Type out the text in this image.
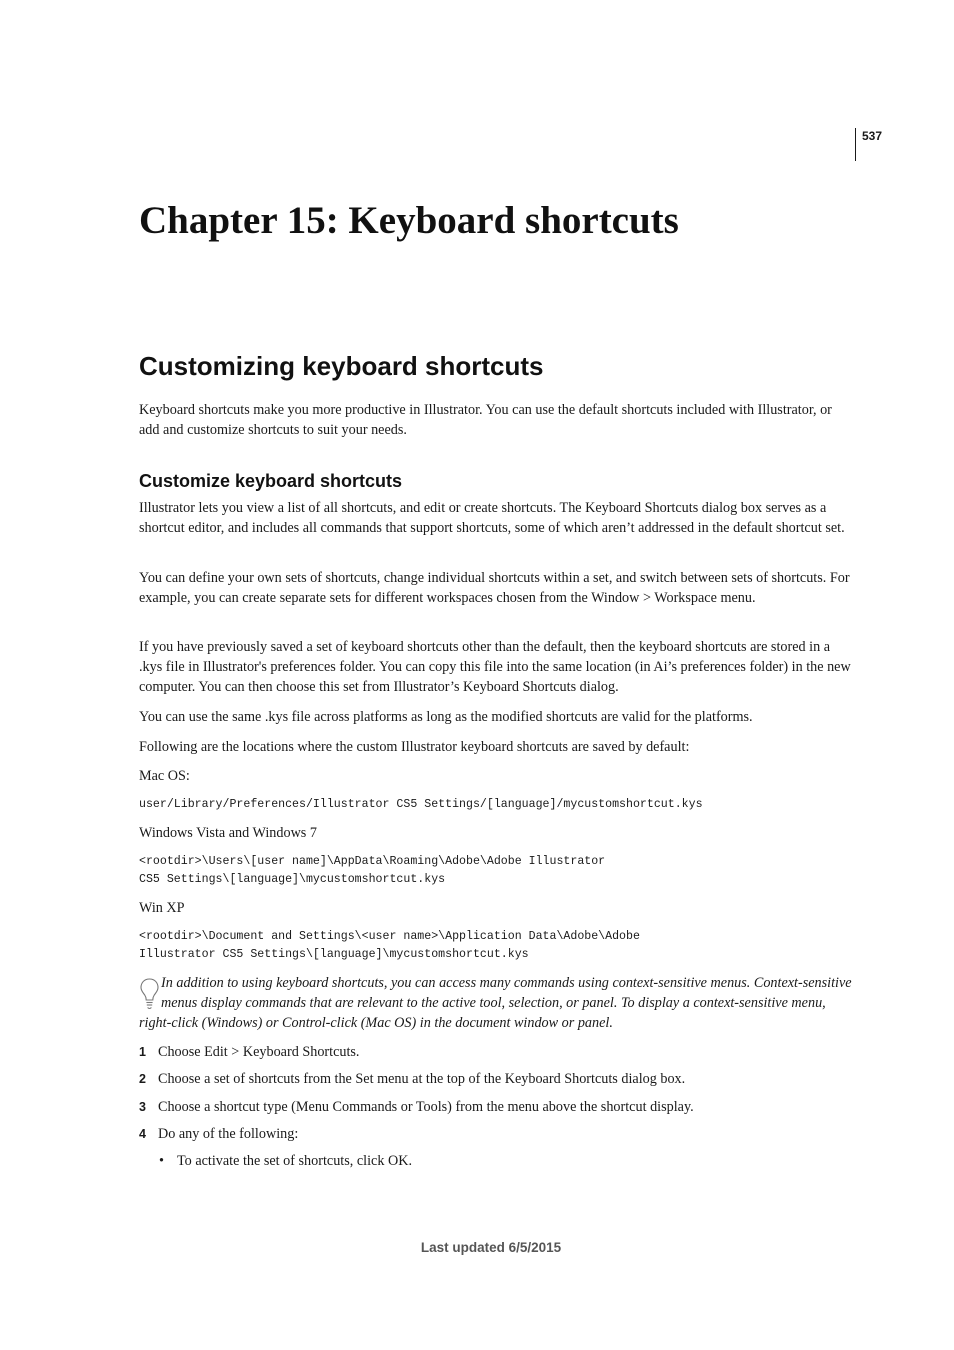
537
Chapter 15: Keyboard shortcuts
Customizing keyboard shortcuts

Keyboard shortcuts make you more productive in Illustrator. You can use the default shortcuts included with Illustrator, or add and customize shortcuts to suit your needs.

Customize keyboard shortcuts

Illustrator lets you view a list of all shortcuts, and edit or create shortcuts. The Keyboard Shortcuts dialog box serves as a shortcut editor, and includes all commands that support shortcuts, some of which aren’t addressed in the default shortcut set.

You can define your own sets of shortcuts, change individual shortcuts within a set, and switch between sets of shortcuts. For example, you can create separate sets for different workspaces chosen from the Window > Workspace menu.

If you have previously saved a set of keyboard shortcuts other than the default, then the keyboard shortcuts are stored in a .kys file in Illustrator's preferences folder. You can copy this file into the same location (in Ai’s preferences folder) in the new computer. You can then choose this set from Illustrator’s Keyboard Shortcuts dialog.

You can use the same .kys file across platforms as long as the modified shortcuts are valid for the platforms.

Following are the locations where the custom Illustrator keyboard shortcuts are saved by default:

Mac OS:

user/Library/Preferences/Illustrator CS5 Settings/[language]/mycustomshortcut.kys

Windows Vista and Windows 7

<rootdir>\Users\[user name]\AppData\Roaming\Adobe\Adobe Illustrator
CS5 Settings\[language]\mycustomshortcut.kys

Win XP

<rootdir>\Document and Settings\<user name>\Application Data\Adobe\Adobe
Illustrator CS5 Settings\[language]\mycustomshortcut.kys

In addition to using keyboard shortcuts, you can access many commands using context-sensitive menus. Context-sensitive menus display commands that are relevant to the active tool, selection, or panel. To display a context-sensitive menu, right-click (Windows) or Control-click (Mac OS) in the document window or panel.
1 Choose Edit > Keyboard Shortcuts.
2 Choose a set of shortcuts from the Set menu at the top of the Keyboard Shortcuts dialog box.
3 Choose a shortcut type (Menu Commands or Tools) from the menu above the shortcut display.
4 Do any of the following:
• To activate the set of shortcuts, click OK.
Last updated 6/5/2015
